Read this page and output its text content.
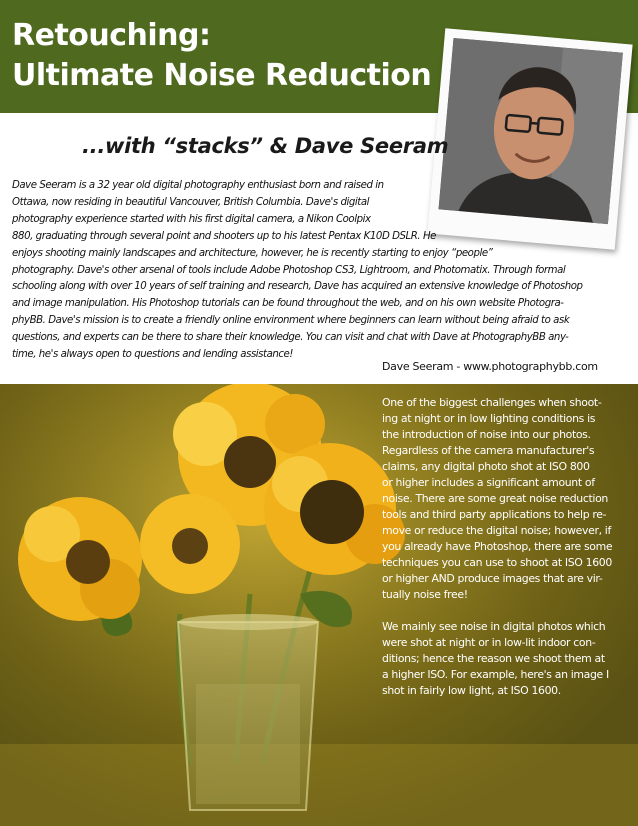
Retouching:
Ultimate Noise Reduction
...with “stacks” & Dave Seeram
Dave Seeram is a 32 year old digital photography enthusiast born and raised in
Ottawa, now residing in beautiful Vancouver, British Columbia. Dave's digital
photography experience started with his first digital camera, a Nikon Coolpix
880, graduating through several point and shooters up to his latest Pentax K10D DSLR. He
enjoys shooting mainly landscapes and architecture, however, he is recently starting to enjoy “people”
photography. Dave's other arsenal of tools include Adobe Photoshop CS3, Lightroom, and Photomatix. Through formal
schooling along with over 10 years of self training and research, Dave has acquired an extensive knowledge of Photoshop
and image manipulation. His Photoshop tutorials can be found throughout the web, and on his own website Photogra-
phyBB. Dave's mission is to create a friendly online environment where beginners can learn without being afraid to ask
questions, and experts can be there to share their knowledge. You can visit and chat with Dave at PhotographyBB any-
time, he's always open to questions and lending assistance!

Dave Seeram - www.photographybb.com

One of the biggest challenges when shoot-
ing at night or in low lighting conditions is
the introduction of noise into our photos.
Regardless of the camera manufacturer's
claims, any digital photo shot at ISO 800
or higher includes a significant amount of
noise. There are some great noise reduction
tools and third party applications to help re-
move or reduce the digital noise; however, if
you already have Photoshop, there are some
techniques you can use to shoot at ISO 1600
or higher AND produce images that are vir-
tually noise free!

We mainly see noise in digital photos which
were shot at night or in low-lit indoor con-
ditions; hence the reason we shoot them at
a higher ISO. For example, here's an image I
shot in fairly low light, at ISO 1600.
